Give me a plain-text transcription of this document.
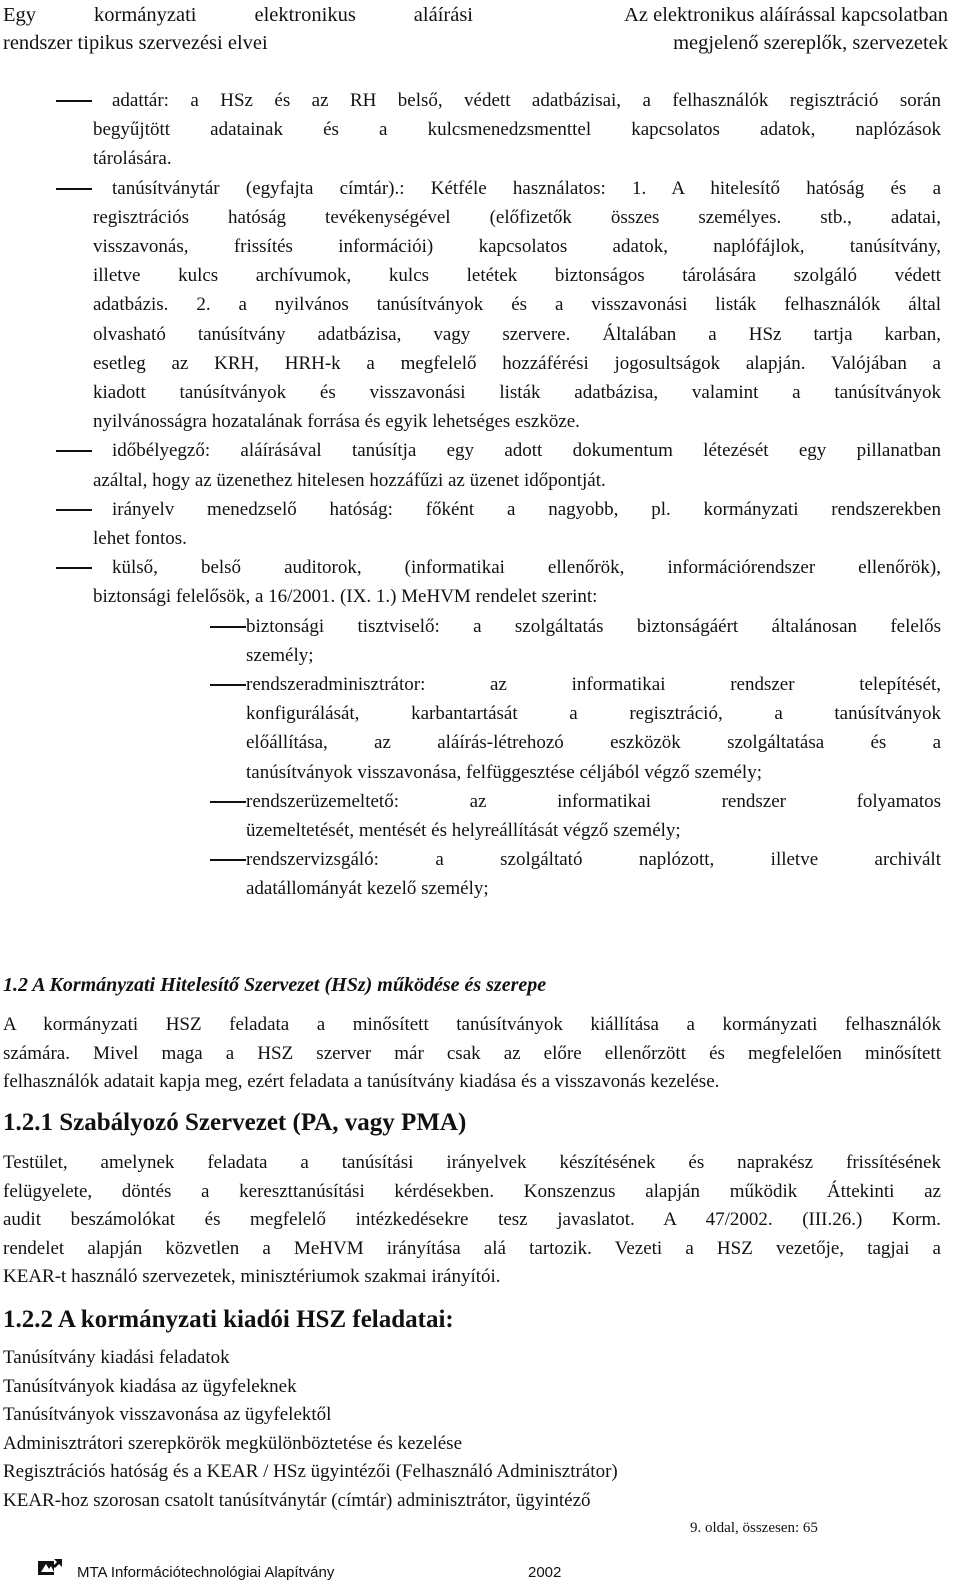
Egy kormányzati elektronikus aláírási
rendszer tipikus szervezési elvei
Az elektronikus aláírással kapcsolatban
megjelenő szereplők, szervezetek
adattár: a HSz és az RH belső, védett adatbázisai, a felhasználók regisztráció során
begyűjtött adatainak és a kulcsmenedzsmenttel kapcsolatos adatok, naplózások
tárolására.
tanúsítványtár (egyfajta címtár).: Kétféle használatos: 1. A hitelesítő hatóság és a
regisztrációs hatóság tevékenységével (előfizetők összes személyes. stb., adatai,
visszavonás, frissítés információi) kapcsolatos adatok, naplófájlok, tanúsítvány,
illetve kulcs archívumok, kulcs letétek biztonságos tárolására szolgáló védett
adatbázis. 2. a nyilvános tanúsítványok és a visszavonási listák felhasználók által
olvasható tanúsítvány adatbázisa, vagy szervere. Általában a HSz tartja karban,
esetleg az KRH, HRH-k a megfelelő hozzáférési jogosultságok alapján. Valójában a
kiadott tanúsítványok és visszavonási listák adatbázisa, valamint a tanúsítványok
nyilvánosságra hozatalának forrása és egyik lehetséges eszköze.
időbélyegző: aláírásával tanúsítja egy adott dokumentum létezését egy pillanatban
azáltal, hogy az üzenethez hitelesen hozzáfűzi az üzenet időpontját.
irányelv menedzselő hatóság: főként a nagyobb, pl. kormányzati rendszerekben
lehet fontos.
külső, belső auditorok, (informatikai ellenőrök, információrendszer ellenőrök),
biztonsági felelősök, a 16/2001. (IX. 1.) MeHVM rendelet szerint:
biztonsági tisztviselő: a szolgáltatás biztonságáért általánosan felelős
személy;
rendszeradminisztrátor: az informatikai rendszer telepítését,
konfigurálását, karbantartását a regisztráció, a tanúsítványok
előállítása, az aláírás-létrehozó eszközök szolgáltatása és a
tanúsítványok visszavonása, felfüggesztése céljából végző személy;
rendszerüzemeltető: az informatikai rendszer folyamatos
üzemeltetését, mentését és helyreállítását végző személy;
rendszervizsgáló: a szolgáltató naplózott, illetve archivált
adatállományát kezelő személy;
1.2 A Kormányzati Hitelesítő Szervezet (HSz) működése és szerepe
A kormányzati HSZ feladata a minősített tanúsítványok kiállítása a kormányzati felhasználók
számára. Mivel maga a HSZ szerver már csak az előre ellenőrzött és megfelelően minősített
felhasználók adatait kapja meg, ezért feladata a tanúsítvány kiadása és a visszavonás kezelése.
1.2.1 Szabályozó Szervezet (PA, vagy PMA)
Testület, amelynek feladata a tanúsítási irányelvek készítésének és naprakész frissítésének
felügyelete, döntés a kereszttanúsítási kérdésekben. Konszenzus alapján működik Áttekinti az
audit beszámolókat és megfelelő intézkedésekre tesz javaslatot. A 47/2002. (III.26.) Korm.
rendelet alapján közvetlen a MeHVM irányítása alá tartozik. Vezeti a HSZ vezetője, tagjai a
KEAR-t használó szervezetek, minisztériumok szakmai irányítói.
1.2.2 A kormányzati kiadói HSZ feladatai:
Tanúsítvány kiadási feladatok
Tanúsítványok kiadása az ügyfeleknek
Tanúsítványok visszavonása az ügyfelektől
Adminisztrátori szerepkörök megkülönböztetése és kezelése
Regisztrációs hatóság és a KEAR / HSz ügyintézői (Felhasználó Adminisztrátor)
KEAR-hoz szorosan csatolt tanúsítványtár (címtár) adminisztrátor, ügyintéző
9. oldal, összesen: 65
MTA Információtechnológiai Alapítvány	2002
